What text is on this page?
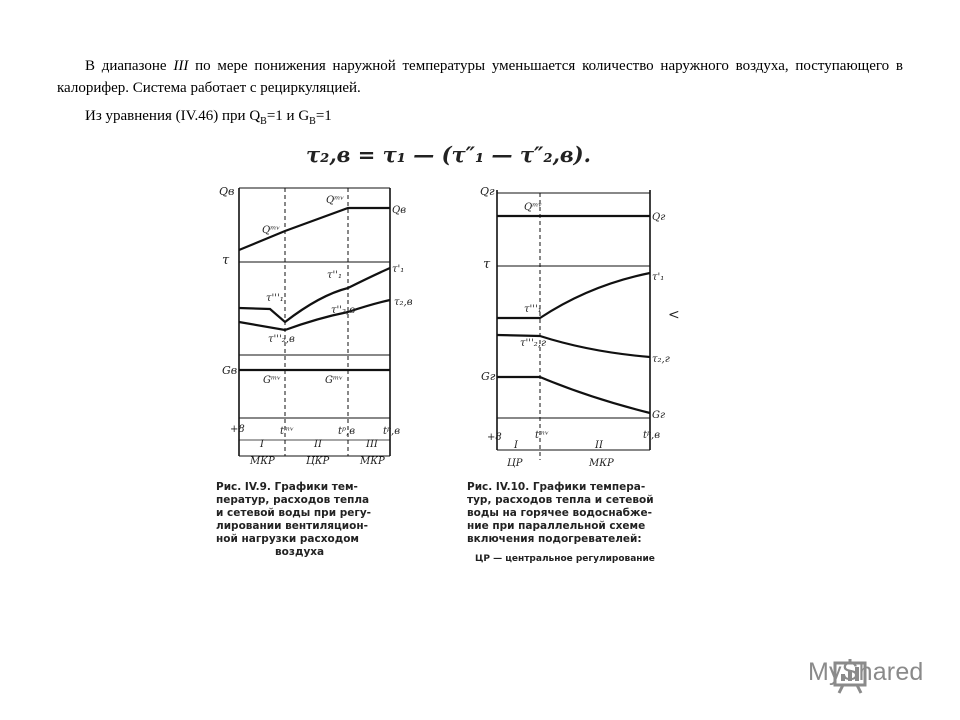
В диапазоне III по мере понижения наружной температуры уменьшается количество наружного воздуха, поступающего в калорифер. Система работает с рециркуляцией.
Из уравнения (IV.46) при $Q_В=1$ и $G_В=1$
τ₂,в = τ₁ — (τ″₁ — τ″₂,в).
Qв
Qв
Qᵐᵛ
Qᵐᵛ
τ
τ'₁
τ''₁
τ'''₁	τ₂,в
τ''₂,в
τ'''₂,в
Gв
Gᵐᵛ	Gᵐᵛ
+8	tᵐᵛ	tᵖ,в	tᵖ,в
I	II	III
МКР	ЦКР	МКР
Рис. IV.9. Графики тем-
ператур, расходов тепла
и сетевой воды при регу-
лировании вентиляцион-
ной нагрузки расходом
воздуха
Qг
Qᵐᵛ
Qг
τ
τ'''₁
τ'₁
τ'''₂,г
τ₂,г
Gг
Gг
+8	tᵐᵛ	tᵖ,в
I	II
ЦР	МКР
<
Рис. IV.10. Графики темпера-
тур, расходов тепла и сетевой
воды на горячее водоснабже-
ние при параллельной схеме
включения подогревателей:
ЦР — центральное регулирование
MyShared
